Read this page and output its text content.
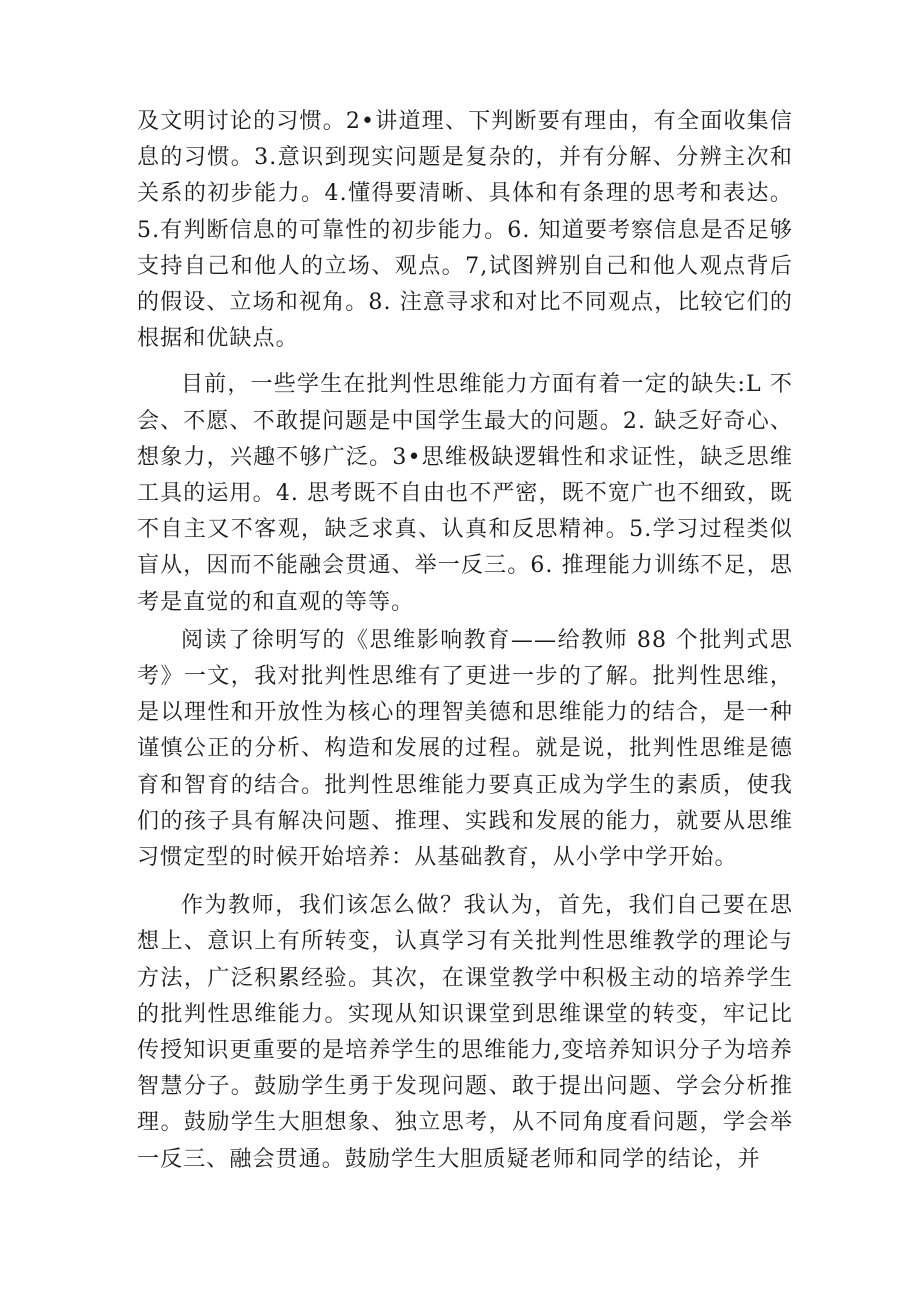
及文明讨论的习惯。2•讲道理、下判断要有理由，有全面收集信息的习惯。3.意识到现实问题是复杂的，并有分解、分辨主次和关系的初步能力。4.懂得要清晰、具体和有条理的思考和表达。5.有判断信息的可靠性的初步能力。6. 知道要考察信息是否足够支持自己和他人的立场、观点。7,试图辨别自己和他人观点背后的假设、立场和视角。8. 注意寻求和对比不同观点，比较它们的根据和优缺点。

目前，一些学生在批判性思维能力方面有着一定的缺失:L 不会、不愿、不敢提问题是中国学生最大的问题。2. 缺乏好奇心、想象力，兴趣不够广泛。3•思维极缺逻辑性和求证性，缺乏思维工具的运用。4. 思考既不自由也不严密，既不宽广也不细致，既不自主又不客观，缺乏求真、认真和反思精神。5.学习过程类似盲从，因而不能融会贯通、举一反三。6. 推理能力训练不足，思考是直觉的和直观的等等。

阅读了徐明写的《思维影响教育——给教师 88 个批判式思考》一文，我对批判性思维有了更进一步的了解。批判性思维，是以理性和开放性为核心的理智美德和思维能力的结合，是一种谨慎公正的分析、构造和发展的过程。就是说，批判性思维是德育和智育的结合。批判性思维能力要真正成为学生的素质，使我们的孩子具有解决问题、推理、实践和发展的能力，就要从思维习惯定型的时候开始培养：从基础教育，从小学中学开始。

作为教师，我们该怎么做？我认为，首先，我们自己要在思想上、意识上有所转变，认真学习有关批判性思维教学的理论与方法，广泛积累经验。其次，在课堂教学中积极主动的培养学生的批判性思维能力。实现从知识课堂到思维课堂的转变，牢记比传授知识更重要的是培养学生的思维能力,变培养知识分子为培养智慧分子。鼓励学生勇于发现问题、敢于提出问题、学会分析推理。鼓励学生大胆想象、独立思考，从不同角度看问题，学会举一反三、融会贯通。鼓励学生大胆质疑老师和同学的结论，并
